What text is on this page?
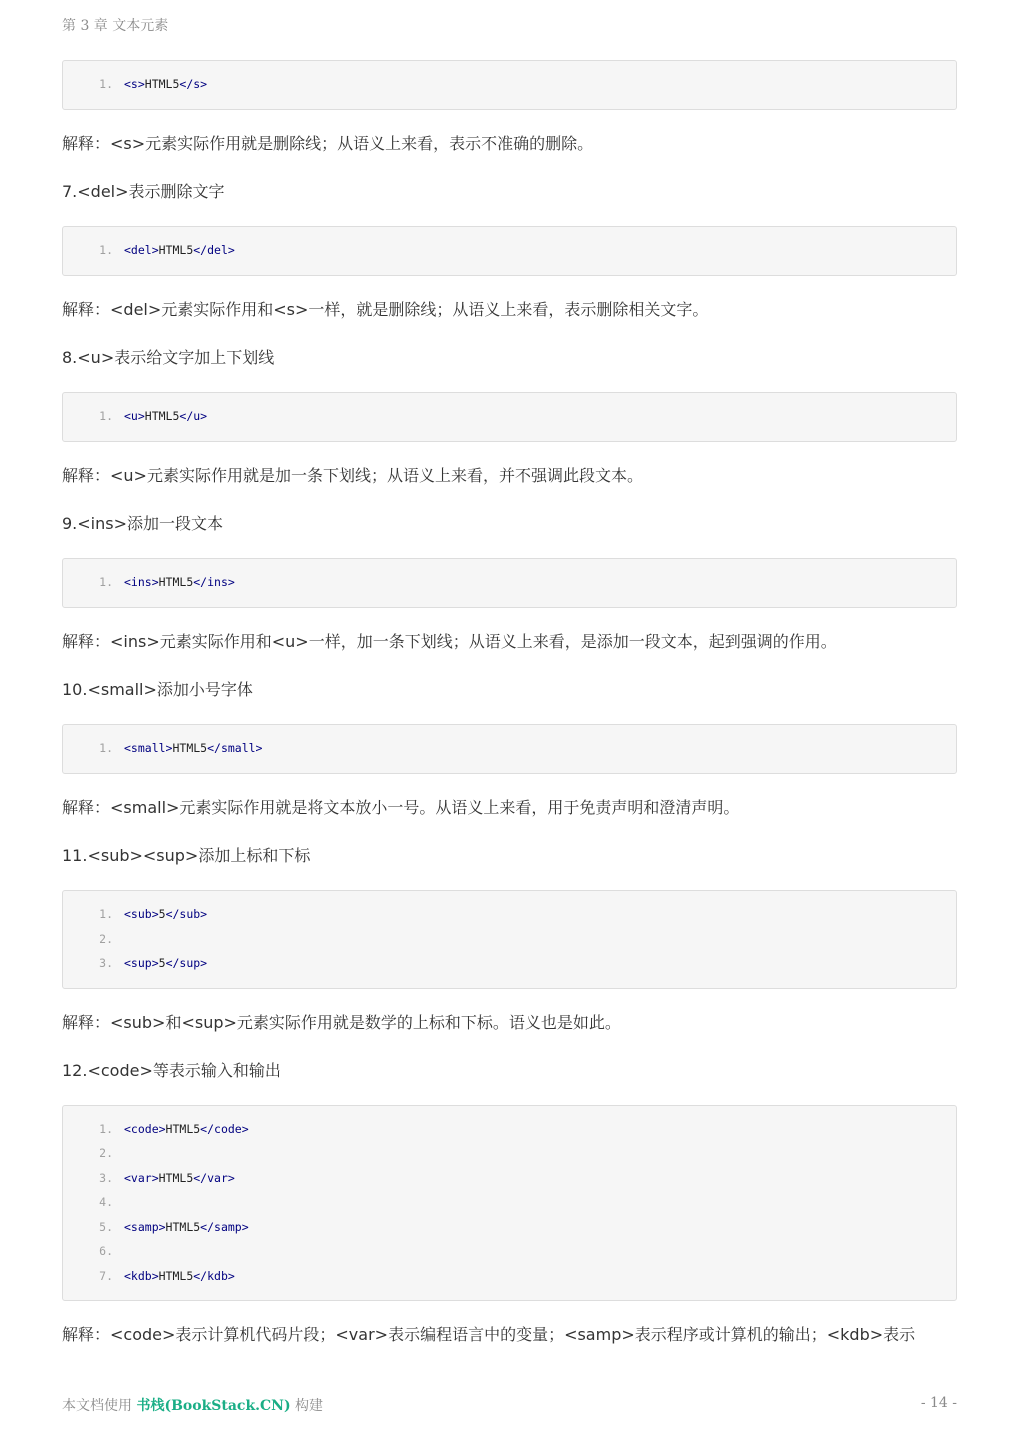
第 3 章 文本元素
1. <s>HTML5</s>
解释：<s>元素实际作用就是删除线；从语义上来看，表示不准确的删除。
7.<del>表示删除文字
1. <del>HTML5</del>
解释：<del>元素实际作用和<s>一样，就是删除线；从语义上来看，表示删除相关文字。
8.<u>表示给文字加上下划线
1. <u>HTML5</u>
解释：<u>元素实际作用就是加一条下划线；从语义上来看，并不强调此段文本。
9.<ins>添加一段文本
1. <ins>HTML5</ins>
解释：<ins>元素实际作用和<u>一样，加一条下划线；从语义上来看，是添加一段文本，起到强调的作用。
10.<small>添加小号字体
1. <small>HTML5</small>
解释：<small>元素实际作用就是将文本放小一号。从语义上来看，用于免责声明和澄清声明。
11.<sub><sup>添加上标和下标
1. <sub>5</sub>
2.
3. <sup>5</sup>
解释：<sub>和<sup>元素实际作用就是数学的上标和下标。语义也是如此。
12.<code>等表示输入和输出
1. <code>HTML5</code>
2.
3. <var>HTML5</var>
4.
5. <samp>HTML5</samp>
6.
7. <kdb>HTML5</kdb>
解释：<code>表示计算机代码片段；<var>表示编程语言中的变量；<samp>表示程序或计算机的输出；<kdb>表示
本文档使用 书栈(BookStack.CN) 构建	- 14 -
